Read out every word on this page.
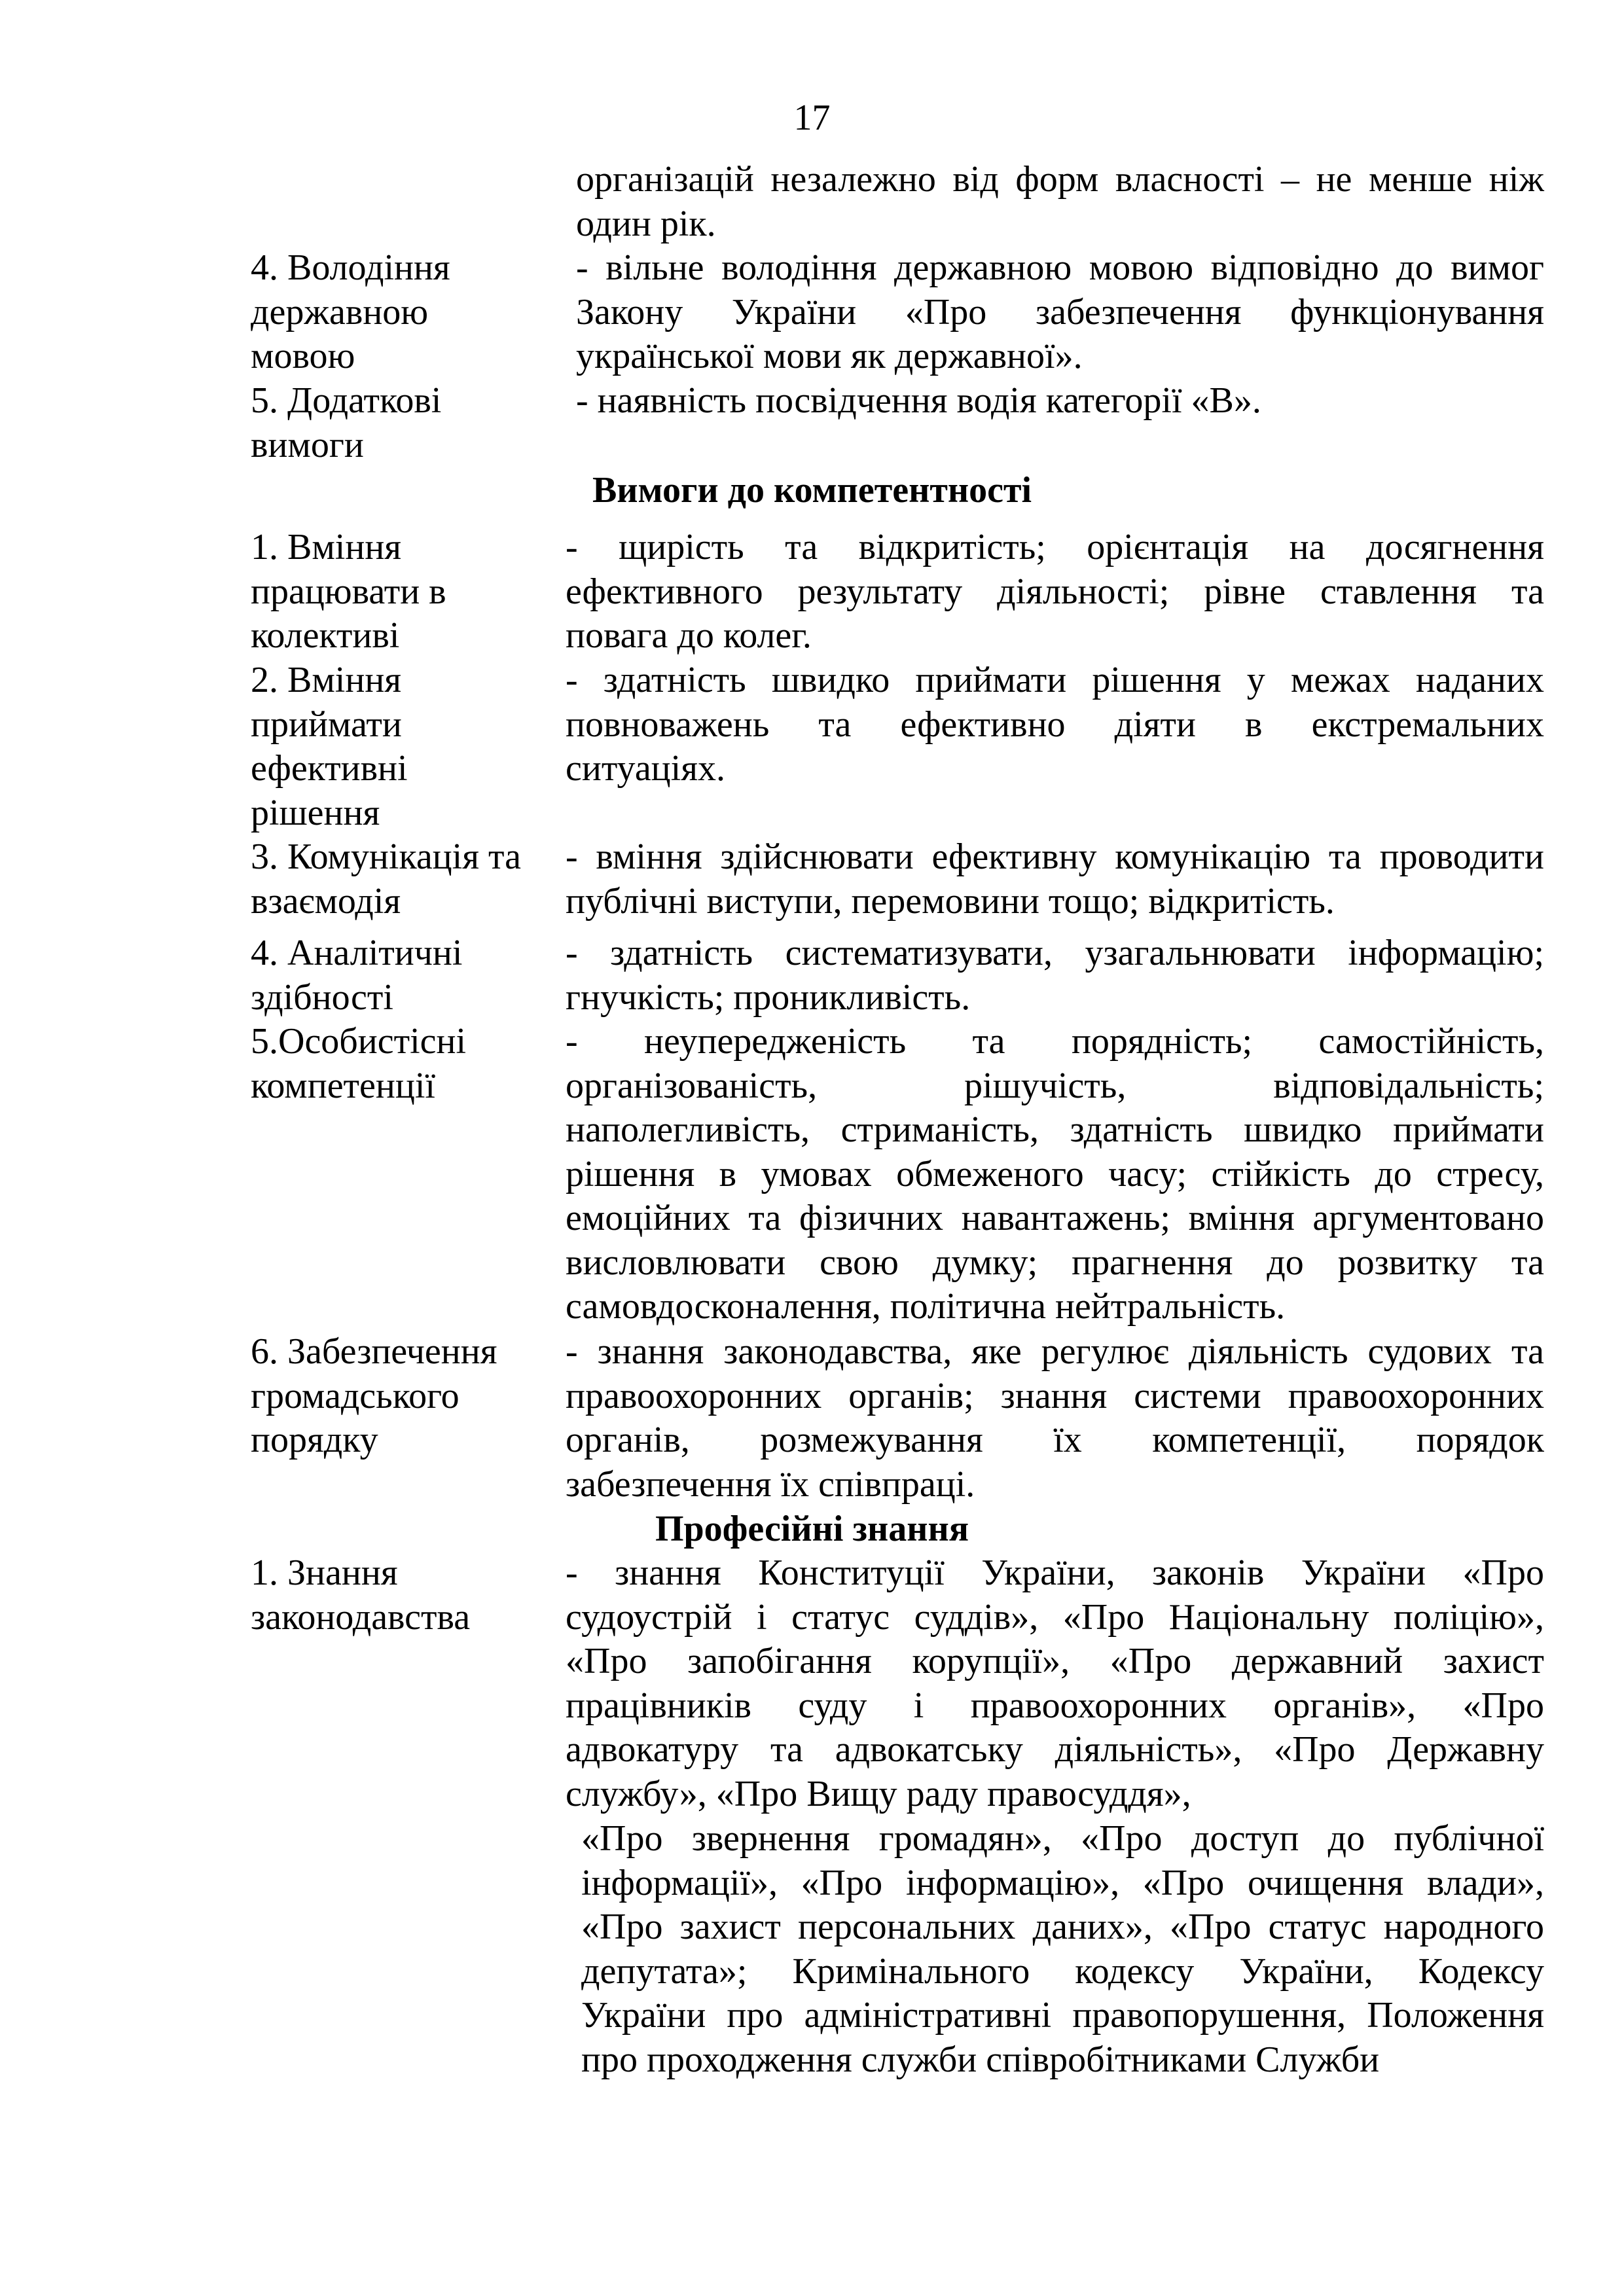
17
організацій незалежно від форм власності – не менше ніж
один рік.
4. Володіння
державною
мовою
- вільне володіння державною мовою відповідно до вимог
Закону України «Про забезпечення функціонування
української мови як державної».
5. Додаткові
вимоги
- наявність посвідчення водія категорії «В».
Вимоги до компетентності
1. Вміння
працювати в
колективі
- щирість та відкритість; орієнтація на досягнення
ефективного результату діяльності; рівне ставлення та
повага до колег.
2. Вміння
приймати
ефективні
рішення
- здатність швидко приймати рішення у межах наданих
повноважень та ефективно діяти в екстремальних
ситуаціях.
3. Комунікація та
взаємодія
- вміння здійснювати ефективну комунікацію та проводити
публічні виступи, перемовини тощо; відкритість.
4. Аналітичні
здібності
- здатність систематизувати, узагальнювати інформацію;
гнучкість; проникливість.
5.Особистісні
компетенції
- неупередженість та порядність; самостійність,
організованість, рішучість, відповідальність;
наполегливість, стриманість, здатність швидко приймати
рішення в умовах обмеженого часу; стійкість до стресу,
емоційних та фізичних навантажень; вміння аргументовано
висловлювати свою думку; прагнення до розвитку та
самовдосконалення, політична нейтральність.
6. Забезпечення
громадського
порядку
- знання законодавства, яке регулює діяльність судових та
правоохоронних органів; знання системи правоохоронних
органів, розмежування їх компетенції, порядок
забезпечення їх співпраці.
Професійні знання
1. Знання
законодавства
- знання Конституції України, законів України «Про
судоустрій і статус суддів», «Про Національну поліцію»,
«Про запобігання корупції», «Про державний захист
працівників суду і правоохоронних органів», «Про
адвокатуру та адвокатську діяльність», «Про Державну
службу», «Про Вищу раду правосуддя»,
«Про звернення громадян», «Про доступ до публічної
інформації», «Про інформацію», «Про очищення влади»,
«Про захист персональних даних», «Про статус народного
депутата»; Кримінального кодексу України, Кодексу
України про адміністративні правопорушення, Положення
про проходження служби співробітниками Служби
